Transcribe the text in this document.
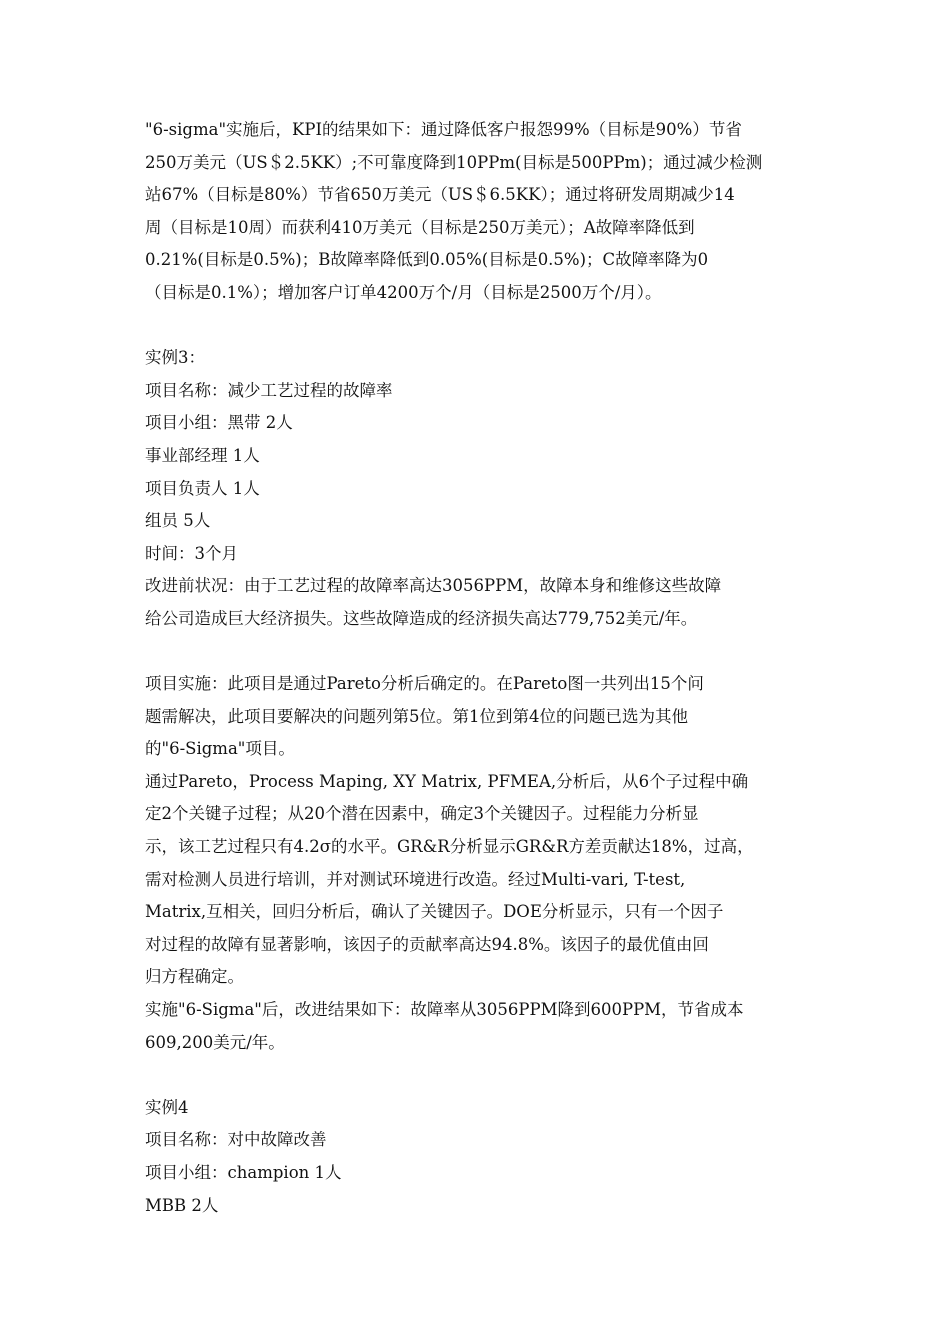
"6-sigma"实施后，KPI的结果如下：通过降低客户报怨99%（目标是90%）节省
250万美元（US＄2.5KK）;不可靠度降到10PPm(目标是500PPm)；通过减少检测
站67%（目标是80%）节省650万美元（US＄6.5KK）；通过将研发周期减少14
周（目标是10周）而获利410万美元（目标是250万美元）；A故障率降低到
0.21%(目标是0.5%)；B故障率降低到0.05%(目标是0.5%)；C故障率降为0
（目标是0.1%）；增加客户订单4200万个/月（目标是2500万个/月）。
实例3：
项目名称：减少工艺过程的故障率
项目小组：黑带 2人
事业部经理 1人
项目负责人 1人
组员 5人
时间：3个月
改进前状况：由于工艺过程的故障率高达3056PPM，故障本身和维修这些故障
给公司造成巨大经济损失。这些故障造成的经济损失高达779,752美元/年。
项目实施：此项目是通过Pareto分析后确定的。在Pareto图一共列出15个问
题需解决，此项目要解决的问题列第5位。第1位到第4位的问题已选为其他
的"6-Sigma"项目。
通过Pareto，Process Maping, XY Matrix, PFMEA,分析后，从6个子过程中确
定2个关键子过程；从20个潜在因素中，确定3个关键因子。过程能力分析显
示，该工艺过程只有4.2σ的水平。GR&R分析显示GR&R方差贡献达18%，过高，
需对检测人员进行培训，并对测试环境进行改造。经过Multi-vari, T-test,
Matrix,互相关，回归分析后，确认了关键因子。DOE分析显示，只有一个因子
对过程的故障有显著影响，该因子的贡献率高达94.8%。该因子的最优值由回
归方程确定。
实施"6-Sigma"后，改进结果如下：故障率从3056PPM降到600PPM，节省成本
609,200美元/年。
实例4
项目名称：对中故障改善
项目小组：champion 1人
MBB 2人
